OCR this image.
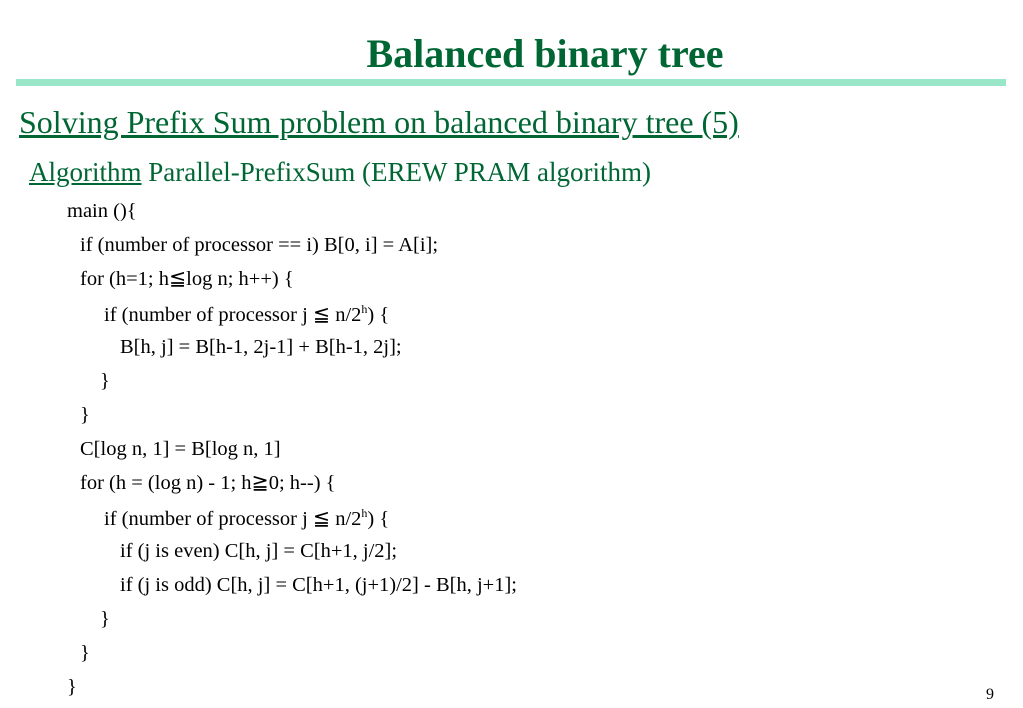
Balanced binary tree
Solving Prefix Sum problem on balanced binary tree (5)
Algorithm Parallel-PrefixSum (EREW PRAM algorithm)
main (){
if (number of processor == i) B[0, i] = A[i];
for (h=1; h≦log n; h++) {
if (number of processor j ≦ n/2$^h$) {
B[h, j] = B[h-1, 2j-1] + B[h-1, 2j];
}
}
C[log n, 1] = B[log n, 1]
for (h = (log n) - 1; h≧0; h--) {
if (number of processor j ≦ n/2$^h$) {
if (j is even) C[h, j] = C[h+1, j/2];
if (j is odd) C[h, j] = C[h+1, (j+1)/2] - B[h, j+1];
}
}
}	9
